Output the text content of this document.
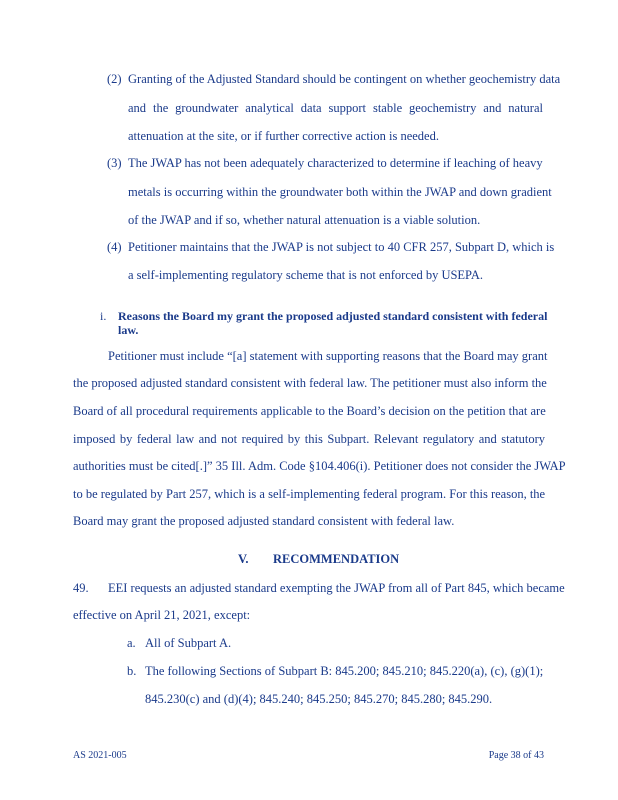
(2) Granting of the Adjusted Standard should be contingent on whether geochemistry data
and the groundwater analytical data support stable geochemistry and natural
attenuation at the site, or if further corrective action is needed.
(3) The JWAP has not been adequately characterized to determine if leaching of heavy
metals is occurring within the groundwater both within the JWAP and down gradient
of the JWAP and if so, whether natural attenuation is a viable solution.
(4) Petitioner maintains that the JWAP is not subject to 40 CFR 257, Subpart D, which is
a self-implementing regulatory scheme that is not enforced by USEPA.
i. Reasons the Board my grant the proposed adjusted standard consistent with federal
law.
Petitioner must include “[a] statement with supporting reasons that the Board may grant
the proposed adjusted standard consistent with federal law. The petitioner must also inform the
Board of all procedural requirements applicable to the Board’s decision on the petition that are
imposed by federal law and not required by this Subpart. Relevant regulatory and statutory
authorities must be cited[.]” 35 Ill. Adm. Code §104.406(i). Petitioner does not consider the JWAP
to be regulated by Part 257, which is a self-implementing federal program. For this reason, the
Board may grant the proposed adjusted standard consistent with federal law.
V. RECOMMENDATION
49. EEI requests an adjusted standard exempting the JWAP from all of Part 845, which became
effective on April 21, 2021, except:
a. All of Subpart A.
b. The following Sections of Subpart B: 845.200; 845.210; 845.220(a), (c), (g)(1);
845.230(c) and (d)(4); 845.240; 845.250; 845.270; 845.280; 845.290.
AS 2021-005	Page 38 of 43
